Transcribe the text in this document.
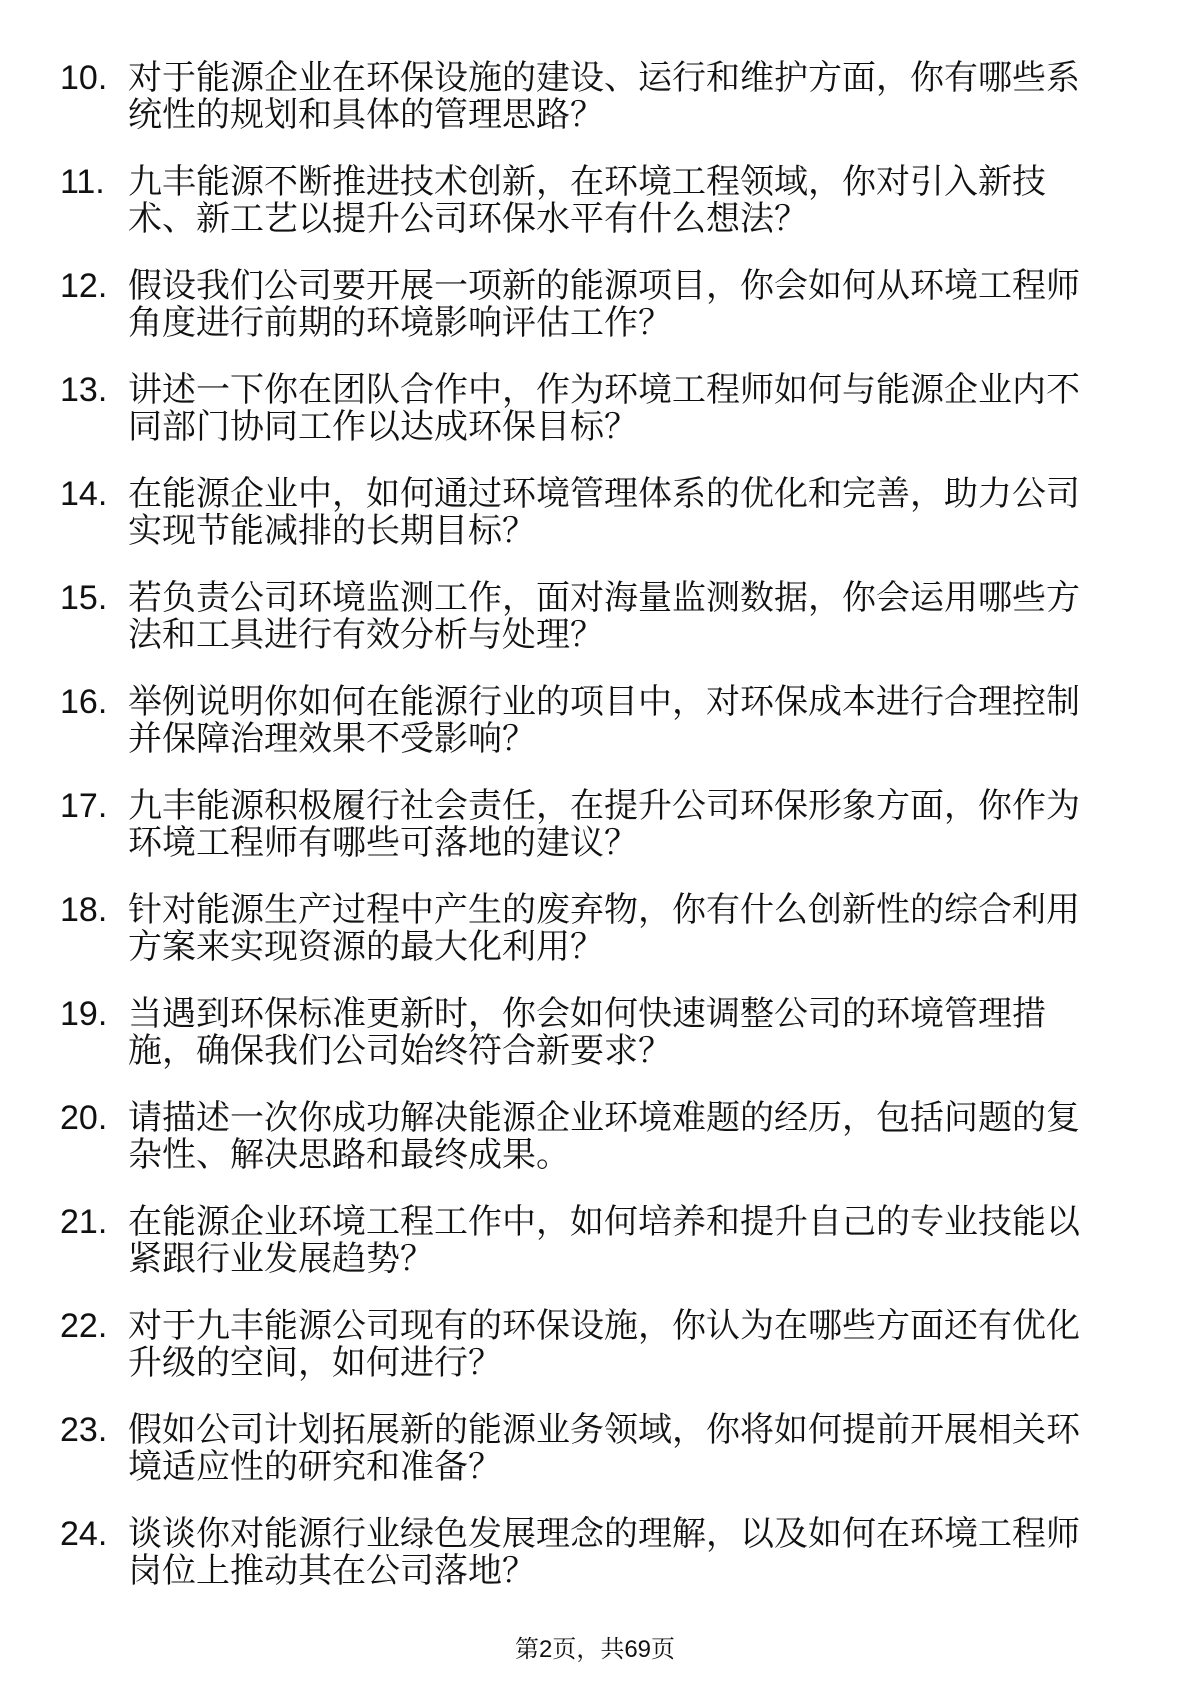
10. 对于能源企业在环保设施的建设、运行和维护方面，你有哪些系统性的规划和具体的管理思路？
11. 九丰能源不断推进技术创新，在环境工程领域，你对引入新技术、新工艺以提升公司环保水平有什么想法？
12. 假设我们公司要开展一项新的能源项目，你会如何从环境工程师角度进行前期的环境影响评估工作？
13. 讲述一下你在团队合作中，作为环境工程师如何与能源企业内不同部门协同工作以达成环保目标？
14. 在能源企业中，如何通过环境管理体系的优化和完善，助力公司实现节能减排的长期目标？
15. 若负责公司环境监测工作，面对海量监测数据，你会运用哪些方法和工具进行有效分析与处理？
16. 举例说明你如何在能源行业的项目中，对环保成本进行合理控制并保障治理效果不受影响？
17. 九丰能源积极履行社会责任，在提升公司环保形象方面，你作为环境工程师有哪些可落地的建议？
18. 针对能源生产过程中产生的废弃物，你有什么创新性的综合利用方案来实现资源的最大化利用？
19. 当遇到环保标准更新时，你会如何快速调整公司的环境管理措施，确保我们公司始终符合新要求？
20. 请描述一次你成功解决能源企业环境难题的经历，包括问题的复杂性、解决思路和最终成果。
21. 在能源企业环境工程工作中，如何培养和提升自己的专业技能以紧跟行业发展趋势？
22. 对于九丰能源公司现有的环保设施，你认为在哪些方面还有优化升级的空间，如何进行？
23. 假如公司计划拓展新的能源业务领域，你将如何提前开展相关环境适应性的研究和准备？
24. 谈谈你对能源行业绿色发展理念的理解，以及如何在环境工程师岗位上推动其在公司落地？
第2页，共69页
